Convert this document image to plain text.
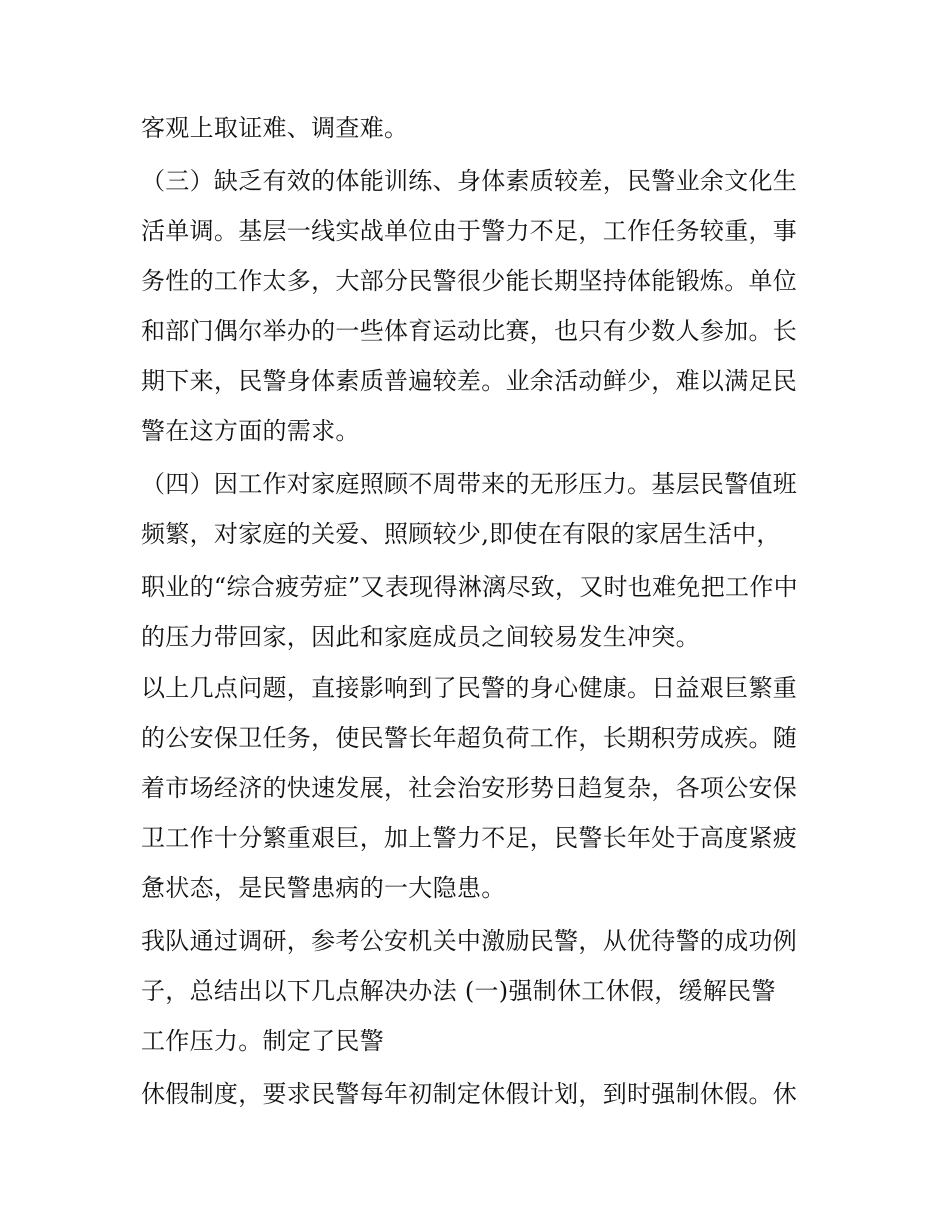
客观上取证难、调查难。
（三）缺乏有效的体能训练、身体素质较差，民警业余文化生
活单调。基层一线实战单位由于警力不足，工作任务较重，事
务性的工作太多，大部分民警很少能长期坚持体能锻炼。单位
和部门偶尔举办的一些体育运动比赛，也只有少数人参加。长
期下来，民警身体素质普遍较差。业余活动鲜少，难以满足民
警在这方面的需求。
（四）因工作对家庭照顾不周带来的无形压力。基层民警值班
频繁，对家庭的关爱、照顾较少,即使在有限的家居生活中，
职业的“综合疲劳症”又表现得淋漓尽致，又时也难免把工作中
的压力带回家，因此和家庭成员之间较易发生冲突。
以上几点问题，直接影响到了民警的身心健康。日益艰巨繁重
的公安保卫任务，使民警长年超负荷工作，长期积劳成疾。随
着市场经济的快速发展，社会治安形势日趋复杂，各项公安保
卫工作十分繁重艰巨，加上警力不足，民警长年处于高度紧疲
惫状态，是民警患病的一大隐患。
我队通过调研，参考公安机关中激励民警，从优待警的成功例
子，总结出以下几点解决办法 (一)强制休工休假，缓解民警
工作压力。制定了民警
休假制度，要求民警每年初制定休假计划，到时强制休假。休
